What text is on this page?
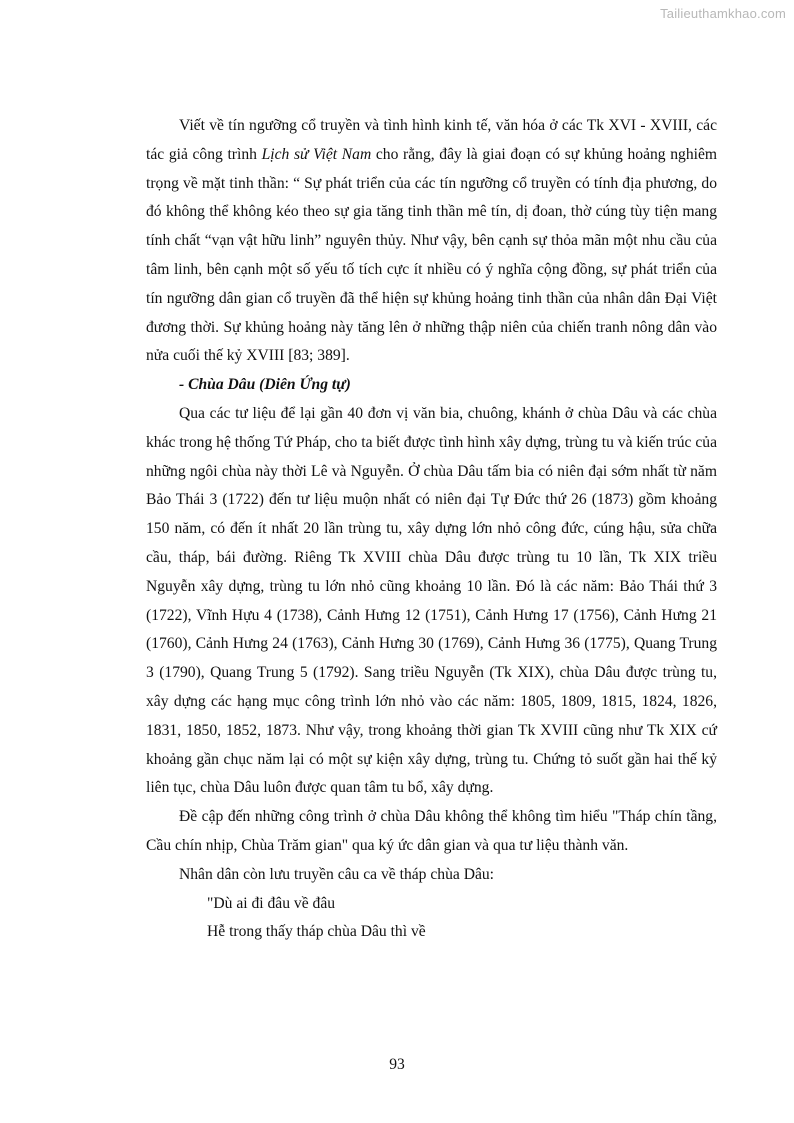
Tailieuthamkhao.com

Viết về tín ngưỡng cổ truyền và tình hình kinh tế, văn hóa ở các Tk XVI - XVIII, các tác giả công trình Lịch sử Việt Nam cho rằng, đây là giai đoạn có sự khủng hoảng nghiêm trọng về mặt tinh thần: “ Sự phát triển của các tín ngưỡng cổ truyền có tính địa phương, do đó không thể không kéo theo sự gia tăng tinh thần mê tín, dị đoan, thờ cúng tùy tiện mang tính chất “vạn vật hữu linh” nguyên thủy. Như vậy, bên cạnh sự thỏa mãn một nhu cầu của tâm linh, bên cạnh một số yếu tố tích cực ít nhiều có ý nghĩa cộng đồng, sự phát triển của tín ngưỡng dân gian cổ truyền đã thể hiện sự khủng hoảng tinh thần của nhân dân Đại Việt đương thời. Sự khủng hoảng này tăng lên ở những thập niên của chiến tranh nông dân vào nửa cuối thế kỷ XVIII [83; 389].

- Chùa Dâu (Diên Ứng tự)

Qua các tư liệu để lại gần 40 đơn vị văn bia, chuông, khánh ở chùa Dâu và các chùa khác trong hệ thống Tứ Pháp, cho ta biết được tình hình xây dựng, trùng tu và kiến trúc của những ngôi chùa này thời Lê và Nguyễn. Ở chùa Dâu tấm bia có niên đại sớm nhất từ năm Bảo Thái 3 (1722) đến tư liệu muộn nhất có niên đại Tự Đức thứ 26 (1873) gồm khoảng 150 năm, có đến ít nhất 20 lần trùng tu, xây dựng lớn nhỏ công đức, cúng hậu, sửa chữa cầu, tháp, bái đường. Riêng Tk XVIII chùa Dâu được trùng tu 10 lần, Tk XIX triều Nguyễn xây dựng, trùng tu lớn nhỏ cũng khoảng 10 lần. Đó là các năm: Bảo Thái thứ 3 (1722), Vĩnh Hựu 4 (1738), Cảnh Hưng 12 (1751), Cảnh Hưng 17 (1756), Cảnh Hưng 21 (1760), Cảnh Hưng 24 (1763), Cảnh Hưng 30 (1769), Cảnh Hưng 36 (1775), Quang Trung 3 (1790), Quang Trung 5 (1792). Sang triều Nguyễn (Tk XIX), chùa Dâu được trùng tu, xây dựng các hạng mục công trình lớn nhỏ vào các năm: 1805, 1809, 1815, 1824, 1826, 1831, 1850, 1852, 1873. Như vậy, trong khoảng thời gian Tk XVIII cũng như Tk XIX cứ khoảng gần chục năm lại có một sự kiện xây dựng, trùng tu. Chứng tỏ suốt gần hai thế kỷ liên tục, chùa Dâu luôn được quan tâm tu bổ, xây dựng.

Đề cập đến những công trình ở chùa Dâu không thể không tìm hiểu "Tháp chín tầng, Cầu chín nhịp, Chùa Trăm gian" qua ký ức dân gian và qua tư liệu thành văn.

Nhân dân còn lưu truyền câu ca về tháp chùa Dâu:

"Dù ai đi đâu về đâu
Hễ trong thấy tháp chùa Dâu thì về
93
